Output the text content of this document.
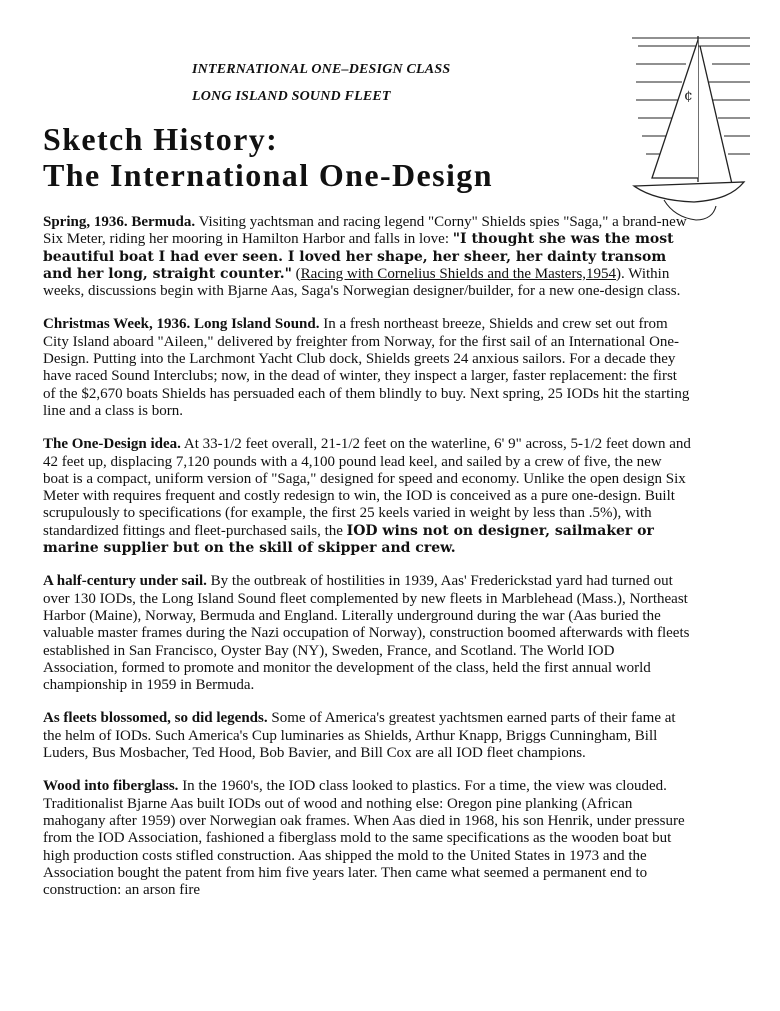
INTERNATIONAL ONE–DESIGN CLASS
LONG ISLAND SOUND FLEET
Sketch History:
The International One-Design
¢

Spring, 1936. Bermuda. Visiting yachtsman and racing legend "Corny" Shields spies "Saga," a brand-new Six Meter, riding her mooring in Hamilton Harbor and falls in love: "I thought she was the most beautiful boat I had ever seen. I loved her shape, her sheer, her dainty transom and her long, straight counter." (Racing with Cornelius Shields and the Masters,1954). Within weeks, discussions begin with Bjarne Aas, Saga's Norwegian designer/builder, for a new one-design class.

Christmas Week, 1936. Long Island Sound. In a fresh northeast breeze, Shields and crew set out from City Island aboard "Aileen," delivered by freighter from Norway, for the first sail of an International One-Design. Putting into the Larchmont Yacht Club dock, Shields greets 24 anxious sailors. For a decade they have raced Sound Interclubs; now, in the dead of winter, they inspect a larger, faster replacement: the first of the $2,670 boats Shields has persuaded each of them blindly to buy. Next spring, 25 IODs hit the starting line and a class is born.

The One-Design idea. At 33-1/2 feet overall, 21-1/2 feet on the waterline, 6' 9" across, 5-1/2 feet down and 42 feet up, displacing 7,120 pounds with a 4,100 pound lead keel, and sailed by a crew of five, the new boat is a compact, uniform version of "Saga," designed for speed and economy. Unlike the open design Six Meter with requires frequent and costly redesign to win, the IOD is conceived as a pure one-design. Built scrupulously to specifications (for example, the first 25 keels varied in weight by less than .5%), with standardized fittings and fleet-purchased sails, the IOD wins not on designer, sailmaker or marine supplier but on the skill of skipper and crew.

A half-century under sail. By the outbreak of hostilities in 1939, Aas' Frederickstad yard had turned out over 130 IODs, the Long Island Sound fleet complemented by new fleets in Marblehead (Mass.), Northeast Harbor (Maine), Norway, Bermuda and England. Literally underground during the war (Aas buried the valuable master frames during the Nazi occupation of Norway), construction boomed afterwards with fleets established in San Francisco, Oyster Bay (NY), Sweden, France, and Scotland. The World IOD Association, formed to promote and monitor the development of the class, held the first annual world championship in 1959 in Bermuda.

As fleets blossomed, so did legends. Some of America's greatest yachtsmen earned parts of their fame at the helm of IODs. Such America's Cup luminaries as Shields, Arthur Knapp, Briggs Cunningham, Bill Luders, Bus Mosbacher, Ted Hood, Bob Bavier, and Bill Cox are all IOD fleet champions.

Wood into fiberglass. In the 1960's, the IOD class looked to plastics. For a time, the view was clouded. Traditionalist Bjarne Aas built IODs out of wood and nothing else: Oregon pine planking (African mahogany after 1959) over Norwegian oak frames. When Aas died in 1968, his son Henrik, under pressure from the IOD Association, fashioned a fiberglass mold to the same specifications as the wooden boat but high production costs stifled construction. Aas shipped the mold to the United States in 1973 and the Association bought the patent from him five years later. Then came what seemed a permanent end to construction: an arson fire
